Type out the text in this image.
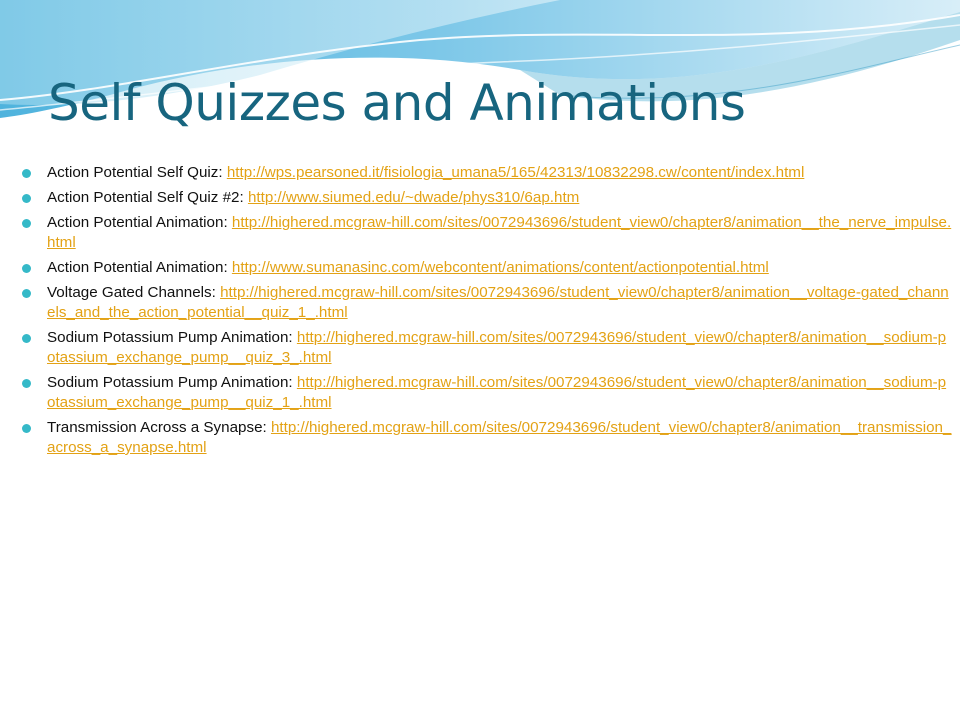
Self Quizzes and Animations
Action Potential Self Quiz: http://wps.pearsoned.it/fisiologia_umana5/165/42313/10832298.cw/content/index.html
Action Potential Self Quiz #2: http://www.siumed.edu/~dwade/phys310/6ap.htm
Action Potential Animation: http://highered.mcgraw-hill.com/sites/0072943696/student_view0/chapter8/animation__the_nerve_impulse.html
Action Potential Animation: http://www.sumanasinc.com/webcontent/animations/content/actionpotential.html
Voltage Gated Channels: http://highered.mcgraw-hill.com/sites/0072943696/student_view0/chapter8/animation__voltage-gated_channels_and_the_action_potential__quiz_1_.html
Sodium Potassium Pump Animation: http://highered.mcgraw-hill.com/sites/0072943696/student_view0/chapter8/animation__sodium-potassium_exchange_pump__quiz_3_.html
Sodium Potassium Pump Animation: http://highered.mcgraw-hill.com/sites/0072943696/student_view0/chapter8/animation__sodium-potassium_exchange_pump__quiz_1_.html
Transmission Across a Synapse: http://highered.mcgraw-hill.com/sites/0072943696/student_view0/chapter8/animation__transmission_across_a_synapse.html
